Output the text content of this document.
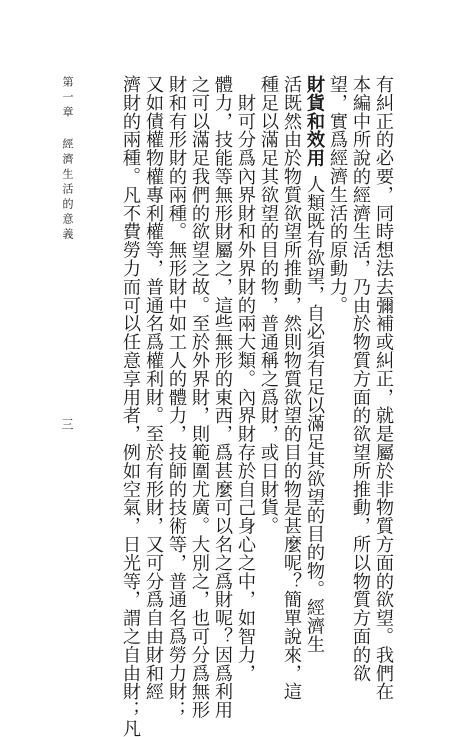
有糾正的必要，同時想法去彌補或糾正，就是屬於非物質方面的欲望。我們在
本編中所說的經濟生活，乃由於物質方面的欲望所推動，所以物質方面的欲
望，實爲經濟生活的原動力。
財貨和效用人類既有欲望，自必須有足以滿足其欲望的目的物。經濟生
活既然由於物質欲望所推動，然則物質欲望的目的物是甚麼呢？簡單說來，這
種足以滿足其欲望的目的物，普通稱之爲財，或日財貨。
　財可分爲內界財和外界財的兩大類。內界財存於自己身心之中，如智力，
體力，技能等無形財屬之，這些無形的東西，爲甚麼可以名之爲財呢？因爲利用
之可以滿足我們的欲望之故。至於外界財，則範圍尤廣。大別之，也可分爲無形
財和有形財的兩種。無形財中如工人的體力，技師的技術等，普通名爲勞力財；
又如債權物權專利權等，普通名爲權利財。至於有形財，又可分爲自由財和經
濟財的兩種。凡不費勞力而可以任意享用者，例如空氣，日光等，謂之自由財；凡
第一章 經濟生活的意義
三
